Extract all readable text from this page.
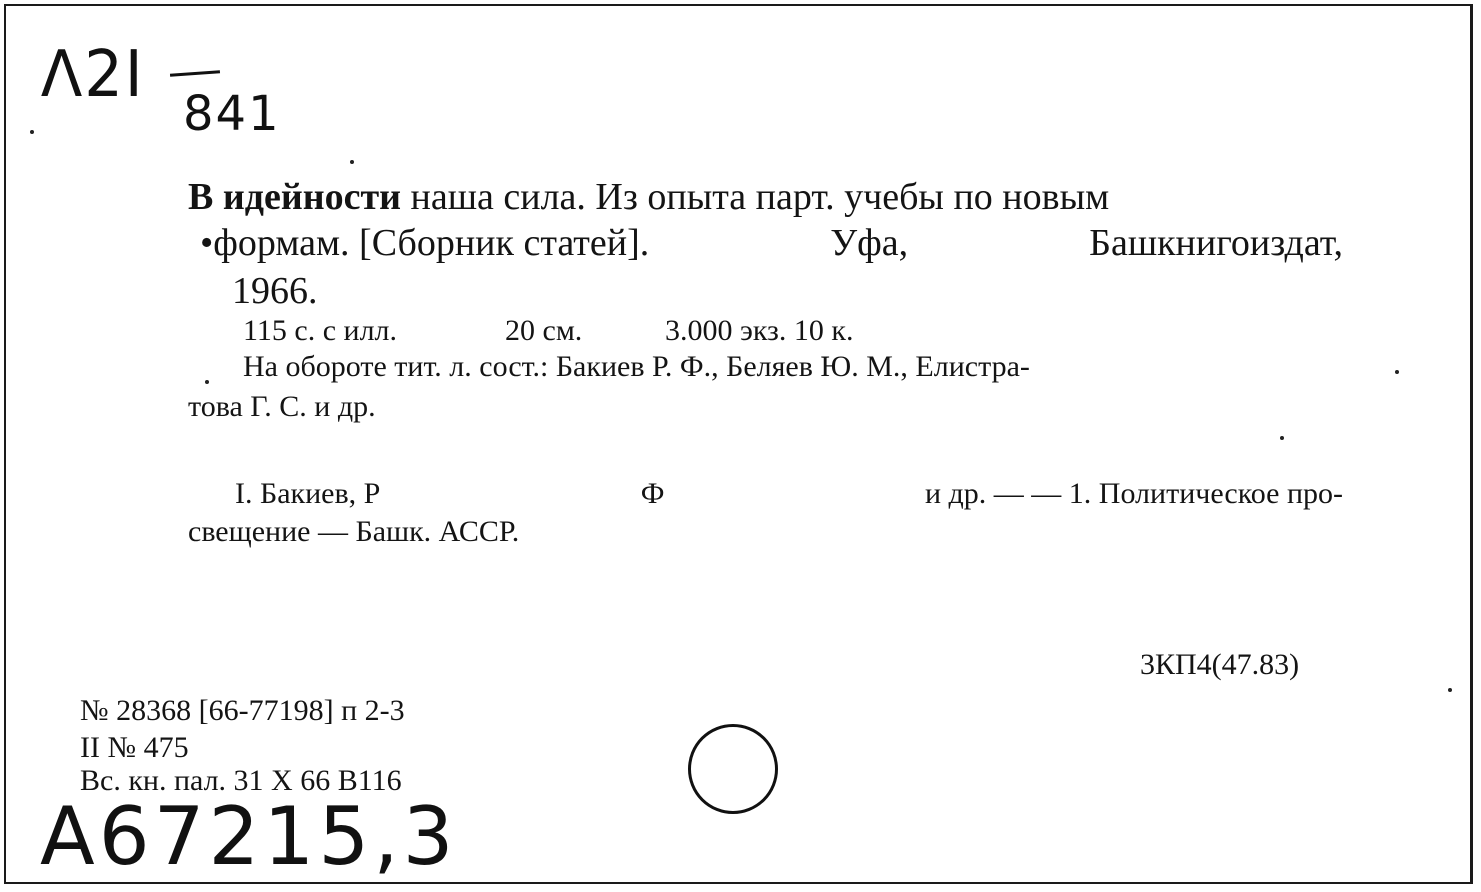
Λ2I
841
В идейности наша сила. Из опыта парт. учебы по новым
•формам. [Сборник статей].	Уфа,	Башкнигоиздат,
1966.
115 с. с илл.	20 см.	3.000 экз. 10 к.
На обороте тит. л. сост.: Бакиев Р. Ф., Беляев Ю. М., Елистра-
това Г. С. и др.
I. Бакиев, Р	Ф	и др. — — 1. Политическое про-
свещение — Башк. АССР.
3КП4(47.83)
№ 28368 [66-77198] п 2-3
II № 475
Вс. кн. пал. 31 X 66 В116
А67215,3
